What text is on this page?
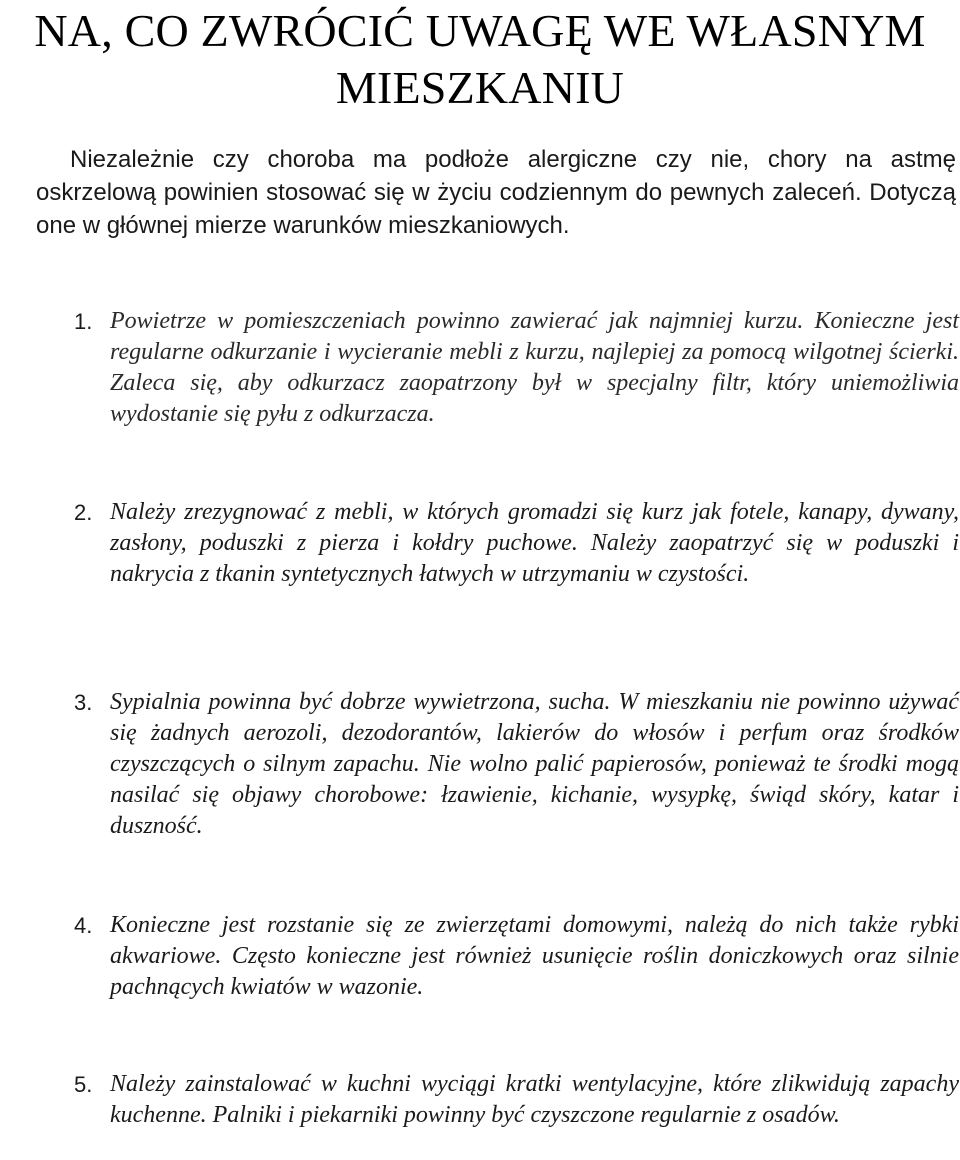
NA, CO ZWRÓCIĆ UWAGĘ WE WŁASNYM MIESZKANIU

Niezależnie czy choroba ma podłoże alergiczne czy nie, chory na astmę oskrzelową powinien stosować się w życiu codziennym do pewnych zaleceń. Dotyczą one w głównej mierze warunków mieszkaniowych.

1. Powietrze w pomieszczeniach powinno zawierać jak najmniej kurzu. Konieczne jest regularne odkurzanie i wycieranie mebli z kurzu, najlepiej za pomocą wilgotnej ścierki. Zaleca się, aby odkurzacz zaopatrzony był w specjalny filtr, który uniemożliwia wydostanie się pyłu z odkurzacza.
2. Należy zrezygnować z mebli, w których gromadzi się kurz jak fotele, kanapy, dywany, zasłony, poduszki z pierza i kołdry puchowe. Należy zaopatrzyć się w poduszki i nakrycia z tkanin syntetycznych łatwych w utrzymaniu w czystości.
3. Sypialnia powinna być dobrze wywietrzona, sucha. W mieszkaniu nie powinno używać się żadnych aerozoli, dezodorantów, lakierów do włosów i perfum oraz środków czyszczących o silnym zapachu. Nie wolno palić papierosów, ponieważ te środki mogą nasilać się objawy chorobowe: łzawienie, kichanie, wysypkę, świąd skóry, katar i duszność.
4. Konieczne jest rozstanie się ze zwierzętami domowymi, należą do nich także rybki akwariowe. Często konieczne jest również usunięcie roślin doniczkowych oraz silnie pachnących kwiatów w wazonie.
5. Należy zainstalować w kuchni wyciągi kratki wentylacyjne, które zlikwidują zapachy kuchenne. Palniki i piekarniki powinny być czyszczone regularnie z osadów.
